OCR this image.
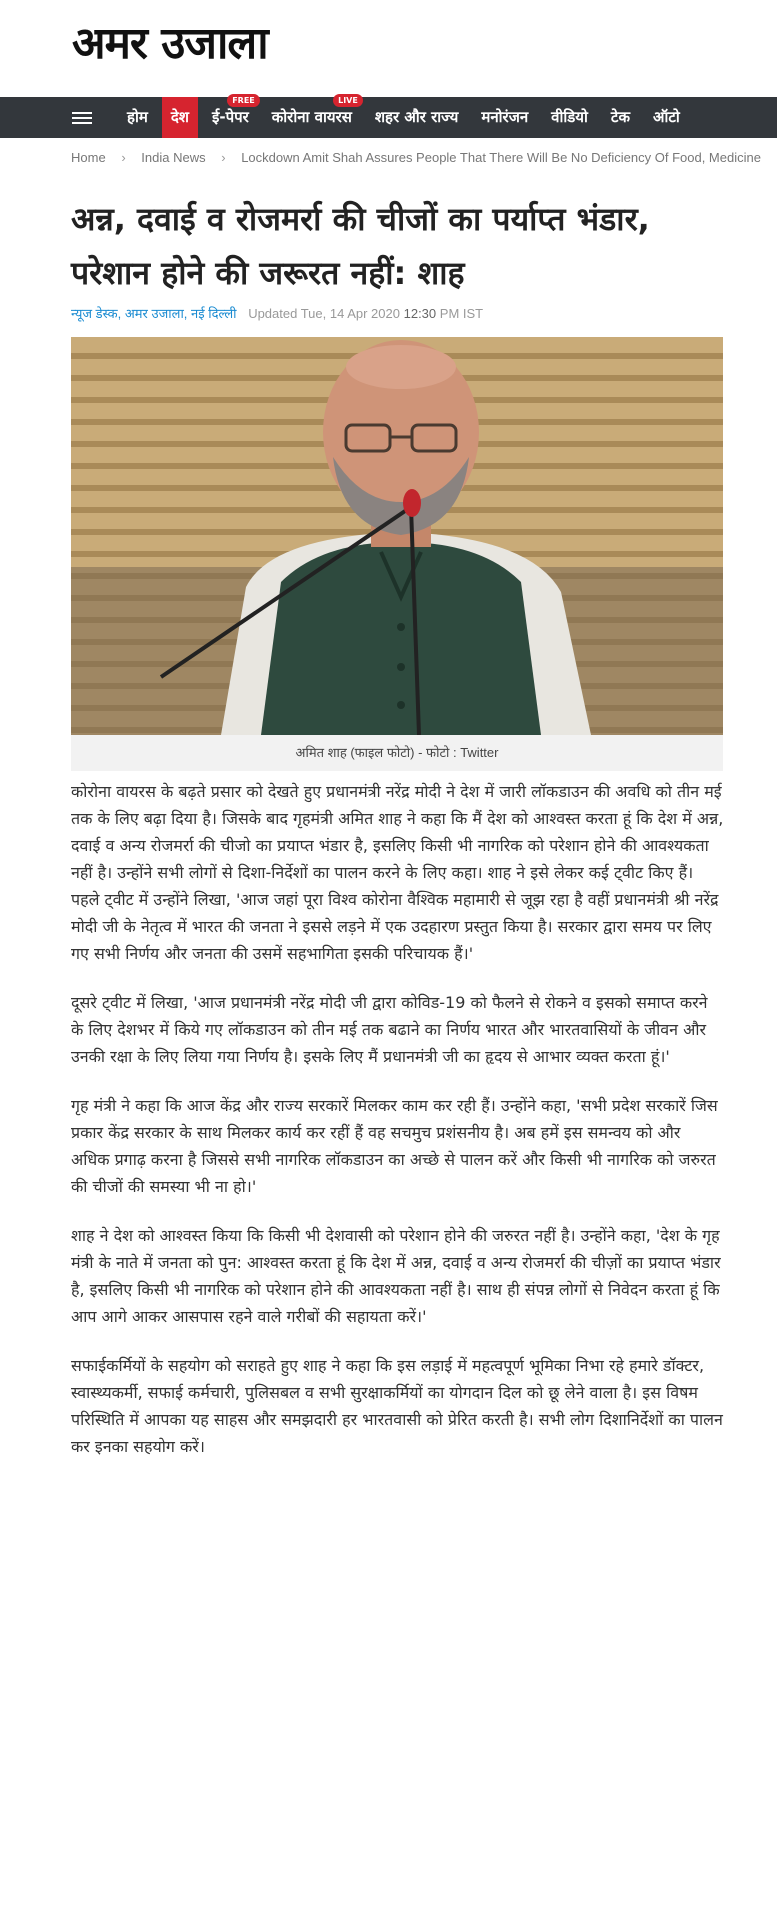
अमर उजाला
होम	देश	ई-पेपर
FREE
कोरोना वायरस
LIVE
शहर और राज्य	मनोरंजन	वीडियो	टेक	ऑटो
Home › India News › Lockdown Amit Shah Assures People That There Will Be No Deficiency Of Food, Medicine
अन्न, दवाई व रोजमर्रा की चीजों का पर्याप्त भंडार,
परेशान होने की जरूरत नहीं: शाह
न्यूज डेस्क, अमर उजाला, नई दिल्ली Updated Tue, 14 Apr 2020 12:30 PM IST
अमित शाह (फाइल फोटो) - फोटो : Twitter

कोरोना वायरस के बढ़ते प्रसार को देखते हुए प्रधानमंत्री नरेंद्र मोदी ने देश में जारी लॉकडाउन की अवधि को तीन मई तक के लिए बढ़ा दिया है। जिसके बाद गृहमंत्री अमित शाह ने कहा कि मैं देश को आश्वस्त करता हूं कि देश में अन्न, दवाई व अन्य रोजमर्रा की चीजो का प्रयाप्त भंडार है, इसलिए किसी भी नागरिक को परेशान होने की आवश्यकता नहीं है। उन्होंने सभी लोगों से दिशा-निर्देशों का पालन करने के लिए कहा। शाह ने इसे लेकर कई ट्वीट किए हैं। पहले ट्वीट में उन्होंने लिखा, 'आज जहां पूरा विश्व कोरोना वैश्विक महामारी से जूझ रहा है वहीं प्रधानमंत्री श्री नरेंद्र मोदी जी के नेतृत्व में भारत की जनता ने इससे लड़ने में एक उदहारण प्रस्तुत किया है। सरकार द्वारा समय पर लिए गए सभी निर्णय और जनता की उसमें सहभागिता इसकी परिचायक हैं।'

दूसरे ट्वीट में लिखा, 'आज प्रधानमंत्री नरेंद्र मोदी जी द्वारा कोविड-19 को फैलने से रोकने व इसको समाप्त करने के लिए देशभर में किये गए लॉकडाउन को तीन मई तक बढाने का निर्णय भारत और भारतवासियों के जीवन और उनकी रक्षा के लिए लिया गया निर्णय है। इसके लिए मैं प्रधानमंत्री जी का हृदय से आभार व्यक्त करता हूं।'

गृह मंत्री ने कहा कि आज केंद्र और राज्य सरकारें मिलकर काम कर रही हैं। उन्होंने कहा, 'सभी प्रदेश सरकारें जिस प्रकार केंद्र सरकार के साथ मिलकर कार्य कर रहीं हैं वह सचमुच प्रशंसनीय है। अब हमें इस समन्वय को और अधिक प्रगाढ़ करना है जिससे सभी नागरिक लॉकडाउन का अच्छे से पालन करें और किसी भी नागरिक को जरुरत की चीजों की समस्या भी ना हो।'

शाह ने देश को आश्वस्त किया कि किसी भी देशवासी को परेशान होने की जरुरत नहीं है। उन्होंने कहा, 'देश के गृह मंत्री के नाते में जनता को पुन: आश्वस्त करता हूं कि देश में अन्न, दवाई व अन्य रोजमर्रा की चीज़ों का प्रयाप्त भंडार है, इसलिए किसी भी नागरिक को परेशान होने की आवश्यकता नहीं है। साथ ही संपन्न लोगों से निवेदन करता हूं कि आप आगे आकर आसपास रहने वाले गरीबों की सहायता करें।'

सफाईकर्मियों के सहयोग को सराहते हुए शाह ने कहा कि इस लड़ाई में महत्वपूर्ण भूमिका निभा रहे हमारे डॉक्टर, स्वास्थ्यकर्मी, सफाई कर्मचारी, पुलिसबल व सभी सुरक्षाकर्मियों का योगदान दिल को छू लेने वाला है। इस विषम परिस्थिति में आपका यह साहस और समझदारी हर भारतवासी को प्रेरित करती है। सभी लोग दिशानिर्देशों का पालन कर इनका सहयोग करें।
